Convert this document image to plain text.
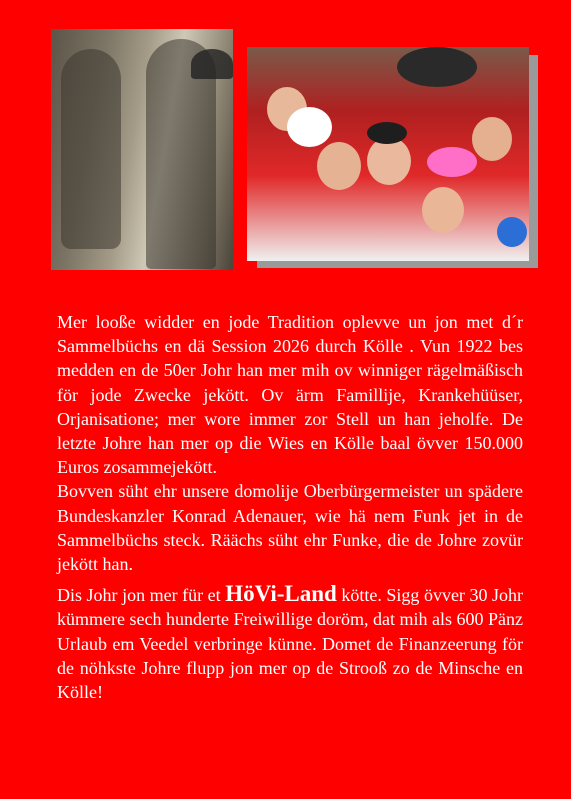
Mer looße widder en jode Tradition oplevve un jon met d´r Sammelbüchs en dä Session 2026 durch Kölle . Vun 1922 bes medden en de 50er Johr han mer mih ov winniger rägelmäßisch för jode Zwecke jekött. Ov ärm Famillije, Krankehüüser, Orjanisatione; mer wore immer zor Stell un han jeholfe. De letzte Johre han mer op die Wies en Kölle baal övver 150.000 Euros zosammejekött.

Bovven süht ehr unsere domolije Oberbürgermeister un spädere Bundeskanzler Konrad Adenauer, wie hä nem Funk jet in de Sammelbüchs steck. Räächs süht ehr Funke, die de Johre zovür jekött han.

Dis Johr jon mer für et HöVi-Land kötte. Sigg övver 30 Johr kümmere sech hunderte Freiwillige doröm, dat mih als 600 Pänz Urlaub em Veedel verbringe künne. Domet de Finanzeerung för de nöhkste Johre flupp jon mer op de Strooß zo de Minsche en Kölle!
